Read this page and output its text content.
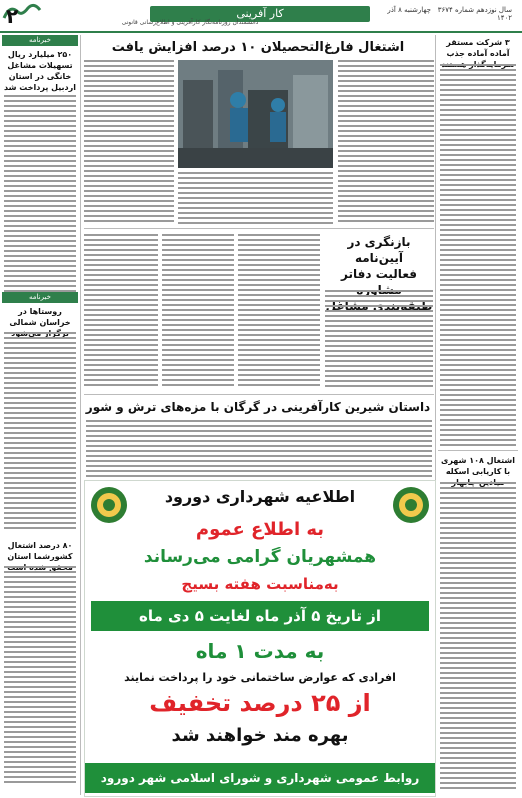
۲	کار آفرینی	سال نوزدهم شماره ۳۶۷۴   چهارشنبه ۸ آذر ۱۴۰۲
دانشمندان روزنامه‌نگار کارآفرینی و اطلاع‌رسانی قانونی
خبرنامه
۲۵۰ میلیارد ریال تسهیلات مشاغل خانگی در استان اردبیل پرداخت شد
خبرنامه
روستاها در خراسان شمالی
۸۰ درصد اشتغال کشورشما استان
۳ شرکت مستقر آماده آماده جذب
اشتغال ۱۰۸ شهری با کاریابی اسکله
اشتغال فارغ‌التحصیلان ۱۰ درصد افزایش یافت
بازنگری در آیین‌نامه
فعالیت دفاتر
داستان شیرین کارآفرینی در گرگان با مزه‌های ترش و شور
اطلاعیه شهرداری دورود
به اطلاع عموم
همشهریان گرامی می‌رساند
به‌مناسبت هفته بسیج
از تاریخ ۵ آذر ماه لغایت ۵ دی ماه
به مدت ۱ ماه
افرادی که عوارض ساختمانی خود را پرداخت نمایند
از ۲۵ درصد تخفیف
بهره مند خواهند شد
روابط عمومی شهرداری و شورای اسلامی شهر دورود
